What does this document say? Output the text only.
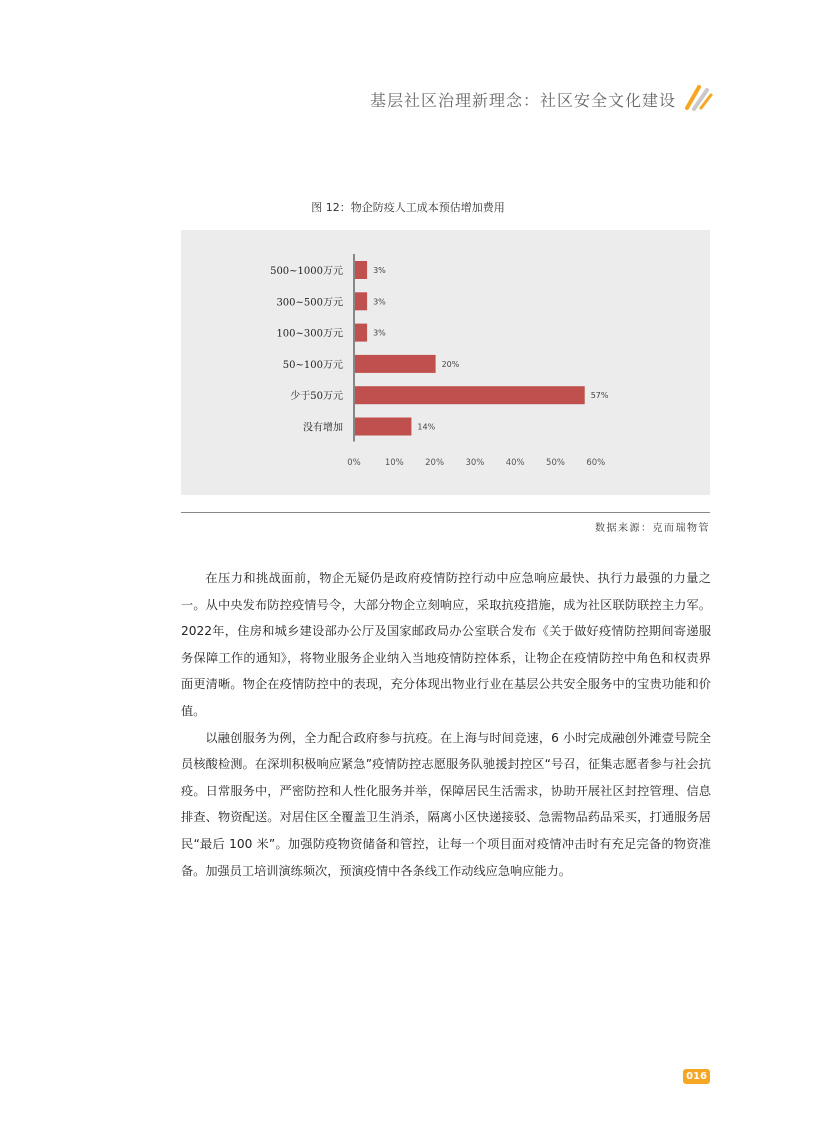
基层社区治理新理念：社区安全文化建设
图 12：物企防疫人工成本预估增加费用
500~1000万元	3%
300~500万元	3%
100~300万元	3%
50~100万元	20%
少于50万元	57%
没有增加	14%
0%	10%	20%	30%	40%	50%	60%
数据来源：克而瑞物管

在压力和挑战面前，物企无疑仍是政府疫情防控行动中应急响应最快、执行力最强的力量之一。从中央发布防控疫情号令，大部分物企立刻响应，采取抗疫措施，成为社区联防联控主力军。2022年，住房和城乡建设部办公厅及国家邮政局办公室联合发布《关于做好疫情防控期间寄递服务保障工作的通知》，将物业服务企业纳入当地疫情防控体系，让物企在疫情防控中角色和权责界面更清晰。物企在疫情防控中的表现，充分体现出物业行业在基层公共安全服务中的宝贵功能和价值。

以融创服务为例，全力配合政府参与抗疫。在上海与时间竞速，6 小时完成融创外滩壹号院全员核酸检测。在深圳积极响应紧急”疫情防控志愿服务队驰援封控区“号召，征集志愿者参与社会抗疫。日常服务中，严密防控和人性化服务并举，保障居民生活需求，协助开展社区封控管理、信息排查、物资配送。对居住区全覆盖卫生消杀，隔离小区快递接驳、急需物品药品采买，打通服务居民“最后 100 米”。加强防疫物资储备和管控，让每一个项目面对疫情冲击时有充足完备的物资准备。加强员工培训演练频次，预演疫情中各条线工作动线应急响应能力。

016
